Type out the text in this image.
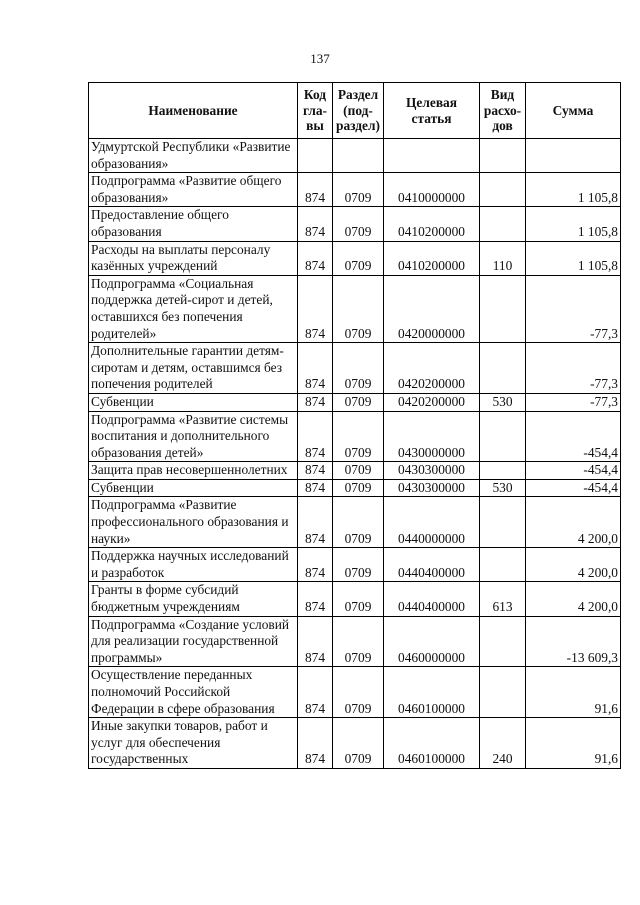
137
Наименование	Код гла-вы	Раздел (под-раздел)	Целевая статья	Вид расхо-дов	Сумма
Удмуртской Республики «Развитие образования»					
Подпрограмма «Развитие общего образования»	874	0709	0410000000		1 105,8
Предоставление общего образования	874	0709	0410200000		1 105,8
Расходы на выплаты персоналу казённых учреждений	874	0709	0410200000	110	1 105,8
Подпрограмма «Социальная поддержка детей-сирот и детей, оставшихся без попечения родителей»	874	0709	0420000000		-77,3
Дополнительные гарантии детям-сиротам и детям, оставшимся без попечения родителей	874	0709	0420200000		-77,3
Субвенции	874	0709	0420200000	530	-77,3
Подпрограмма «Развитие системы воспитания и дополнительного образования детей»	874	0709	0430000000		-454,4
Защита прав несовершеннолетних	874	0709	0430300000		-454,4
Субвенции	874	0709	0430300000	530	-454,4
Подпрограмма «Развитие профессионального образования и науки»	874	0709	0440000000		4 200,0
Поддержка научных исследований и разработок	874	0709	0440400000		4 200,0
Гранты в форме субсидий бюджетным учреждениям	874	0709	0440400000	613	4 200,0
Подпрограмма «Создание условий для реализации государственной программы»	874	0709	0460000000		-13 609,3
Осуществление переданных полномочий Российской Федерации в сфере образования	874	0709	0460100000		91,6
Иные закупки товаров, работ и услуг для обеспечения государственных	874	0709	0460100000	240	91,6
